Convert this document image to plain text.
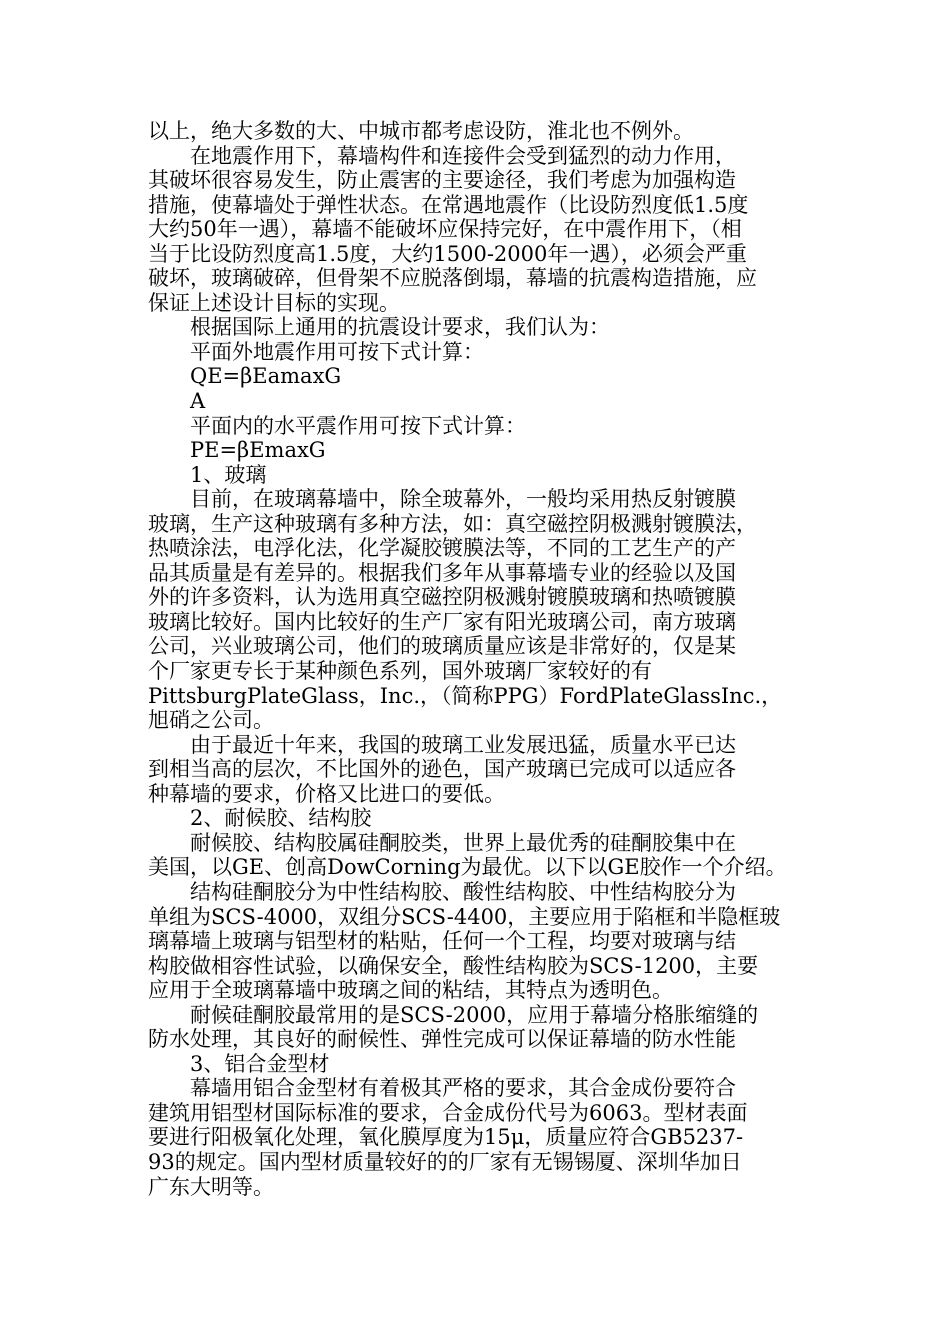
以上，绝大多数的大、中城市都考虑设防，淮北也不例外。
在地震作用下，幕墙构件和连接件会受到猛烈的动力作用，
其破坏很容易发生，防止震害的主要途径，我们考虑为加强构造
措施，使幕墙处于弹性状态。在常遇地震作（比设防烈度低1.5度
大约50年一遇），幕墙不能破坏应保持完好，在中震作用下，（相
当于比设防烈度高1.5度，大约1500-2000年一遇），必须会严重
破坏，玻璃破碎，但骨架不应脱落倒塌，幕墙的抗震构造措施，应
保证上述设计目标的实现。
根据国际上通用的抗震设计要求，我们认为：
平面外地震作用可按下式计算：
QE=βEamaxG
A
平面内的水平震作用可按下式计算：
PE=βEmaxG
1、玻璃
目前，在玻璃幕墙中，除全玻幕外，一般均采用热反射镀膜
玻璃，生产这种玻璃有多种方法，如：真空磁控阴极溅射镀膜法，
热喷涂法，电浮化法，化学凝胶镀膜法等，不同的工艺生产的产
品其质量是有差异的。根据我们多年从事幕墙专业的经验以及国
外的许多资料，认为选用真空磁控阴极溅射镀膜玻璃和热喷镀膜
玻璃比较好。国内比较好的生产厂家有阳光玻璃公司，南方玻璃
公司，兴业玻璃公司，他们的玻璃质量应该是非常好的，仅是某
个厂家更专长于某种颜色系列，国外玻璃厂家较好的有
PittsburgPlateGlass，Inc.，（简称PPG）FordPlateGlassInc.，
旭硝之公司。
由于最近十年来，我国的玻璃工业发展迅猛，质量水平已达
到相当高的层次，不比国外的逊色，国产玻璃已完成可以适应各
种幕墙的要求，价格又比进口的要低。
2、耐候胶、结构胶
耐候胶、结构胶属硅酮胶类，世界上最优秀的硅酮胶集中在
美国，以GE、创高DowCorning为最优。以下以GE胶作一个介绍。
结构硅酮胶分为中性结构胶、酸性结构胶、中性结构胶分为
单组为SCS-4000，双组分SCS-4400，主要应用于陷框和半隐框玻
璃幕墙上玻璃与铝型材的粘贴，任何一个工程，均要对玻璃与结
构胶做相容性试验，以确保安全，酸性结构胶为SCS-1200，主要
应用于全玻璃幕墙中玻璃之间的粘结，其特点为透明色。
耐候硅酮胶最常用的是SCS-2000，应用于幕墙分格胀缩缝的
防水处理，其良好的耐候性、弹性完成可以保证幕墙的防水性能
3、铝合金型材
幕墙用铝合金型材有着极其严格的要求，其合金成份要符合
建筑用铝型材国际标准的要求，合金成份代号为6063。型材表面
要进行阳极氧化处理，氧化膜厚度为15μ，质量应符合GB5237-
93的规定。国内型材质量较好的的厂家有无锡锡厦、深圳华加日
广东大明等。
